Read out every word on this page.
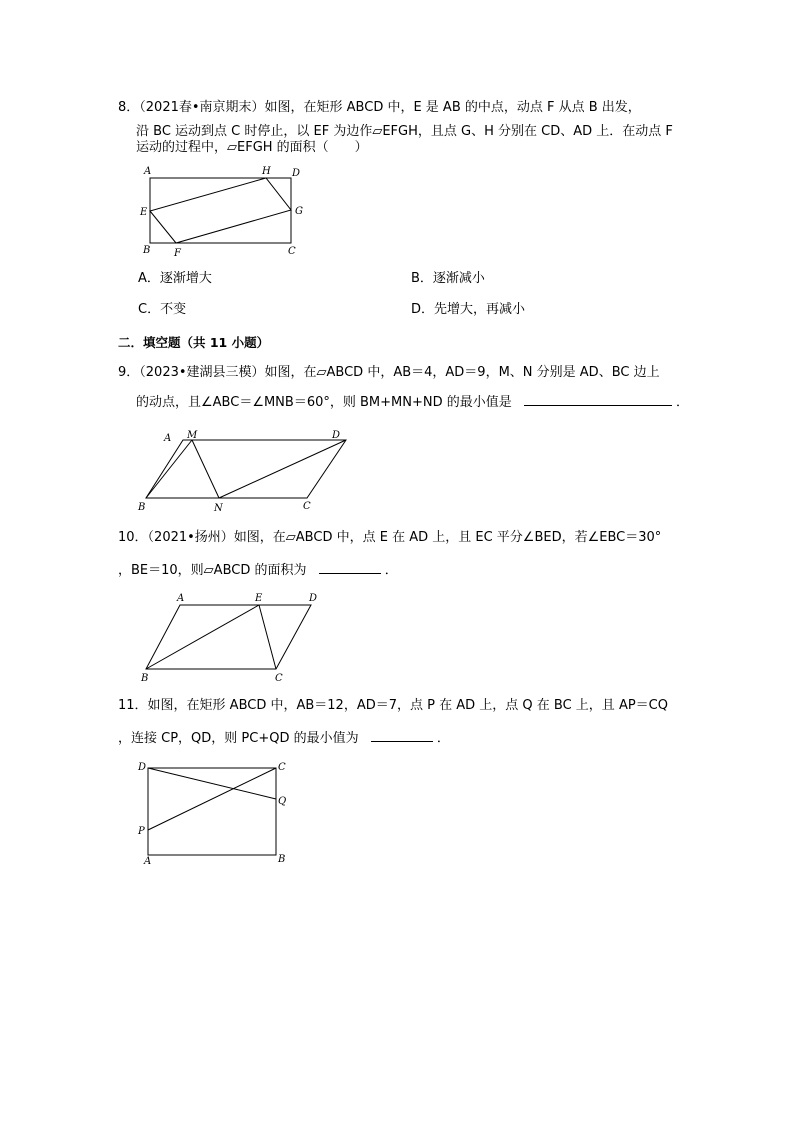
8．（2021春•南京期末）如图，在矩形 ABCD 中，E 是 AB 的中点，动点 F 从点 B 出发，
沿 BC 运动到点 C 时停止，以 EF 为边作▱EFGH，且点 G、H 分别在 CD、AD 上．在动点 F
运动的过程中，▱EFGH 的面积（　　）
A	H D
E	G
B F	C
A．逐渐增大	B．逐渐减小
C．不变	D．先增大，再减小
二．填空题（共 11 小题）
9．（2023•建湖县三模）如图，在▱ABCD 中，AB＝4，AD＝9，M、N 分别是 AD、BC 边上
的动点，且∠ABC＝∠MNB＝60°，则 BM+MN+ND 的最小值是	．
A M	D
B	N	C
10．（2021•扬州）如图，在▱ABCD 中，点 E 在 AD 上，且 EC 平分∠BED，若∠EBC＝30°
，BE＝10，则▱ABCD 的面积为	．
A	E	D
B	C
11．如图，在矩形 ABCD 中，AB＝12，AD＝7，点 P 在 AD 上，点 Q 在 BC 上，且 AP＝CQ
，连接 CP，QD，则 PC+QD 的最小值为	．
D	C
Q
P
A	B
